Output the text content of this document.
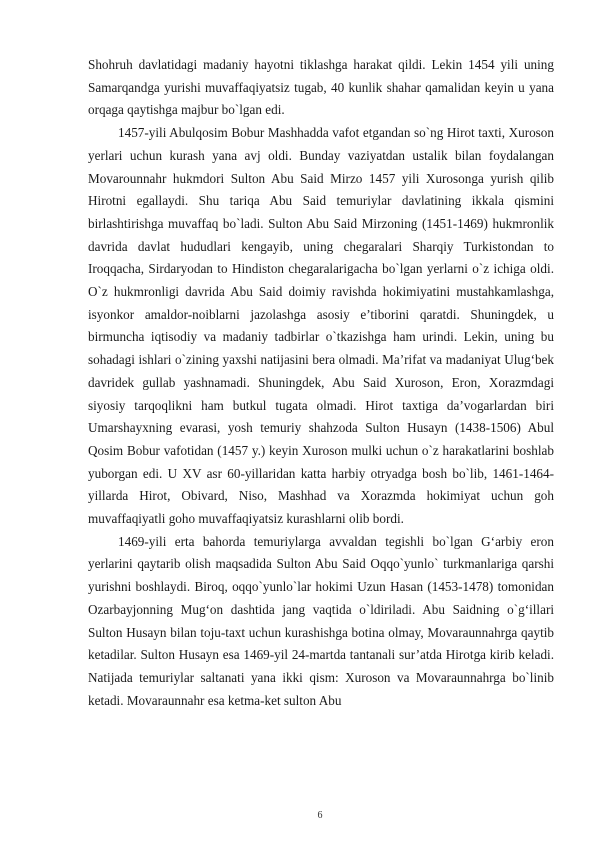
Shohruh davlatidagi madaniy hayotni tiklashga harakat qildi. Lekin 1454 yili uning Samarqandga yurishi muvaffaqiyatsiz tugab, 40 kunlik shahar qamalidan keyin u yana orqaga qaytishga majbur bo`lgan edi.

1457-yili Abulqosim Bobur Mashhadda vafot etgandan so`ng Hirot taxti, Xuroson yerlari uchun kurash yana avj oldi. Bunday vaziyatdan ustalik bilan foydalangan Movarounnahr hukmdori Sulton Abu Said Mirzo 1457 yili Xurosonga yurish qilib Hirotni egallaydi. Shu tariqa Abu Said temuriylar davlatining ikkala qismini birlashtirishga muvaffaq bo`ladi. Sulton Abu Said Mirzoning (1451-1469) hukmronlik davrida davlat hududlari kengayib, uning chegaralari Sharqiy Turkistondan to Iroqqacha, Sirdaryodan to Hindiston chegaralarigacha bo`lgan yerlarni o`z ichiga oldi. O`z hukmronligi davrida Abu Said doimiy ravishda hokimiyatini mustahkamlashga, isyonkor amaldor-noiblarni jazolashga asosiy e’tiborini qaratdi. Shuningdek, u birmuncha iqtisodiy va madaniy tadbirlar o`tkazishga ham urindi. Lekin, uning bu sohadagi ishlari o`zining yaxshi natijasini bera olmadi. Ma’rifat va madaniyat Ulug‘bek davridek gullab yashnamadi. Shuningdek, Abu Said Xuroson, Eron, Xorazmdagi siyosiy tarqoqlikni ham butkul tugata olmadi. Hirot taxtiga da’vogarlardan biri Umarshayxning evarasi, yosh temuriy shahzoda Sulton Husayn (1438-1506) Abul Qosim Bobur vafotidan (1457 y.) keyin Xuroson mulki uchun o`z harakatlarini boshlab yuborgan edi. U XV asr 60-yillaridan katta harbiy otryadga bosh bo`lib, 1461-1464-yillarda Hirot, Obivard, Niso, Mashhad va Xorazmda hokimiyat uchun goh muvaffaqiyatli goho muvaffaqiyatsiz kurashlarni olib bordi.

1469-yili erta bahorda temuriylarga avvaldan tegishli bo`lgan G‘arbiy eron yerlarini qaytarib olish maqsadida Sulton Abu Said Oqqo`yunlo` turkmanlariga qarshi yurishni boshlaydi. Biroq, oqqo`yunlo`lar hokimi Uzun Hasan (1453-1478) tomonidan Ozarbayjonning Mug‘on dashtida jang vaqtida o`ldiriladi. Abu Saidning o`g‘illari Sulton Husayn bilan toju-taxt uchun kurashishga botina olmay, Movaraunnahrga qaytib ketadilar. Sulton Husayn esa 1469-yil 24-martda tantanali sur’atda Hirotga kirib keladi. Natijada temuriylar saltanati yana ikki qism: Xuroson va Movaraunnahrga bo`linib ketadi. Movaraunnahr esa ketma-ket sulton Abu

6
